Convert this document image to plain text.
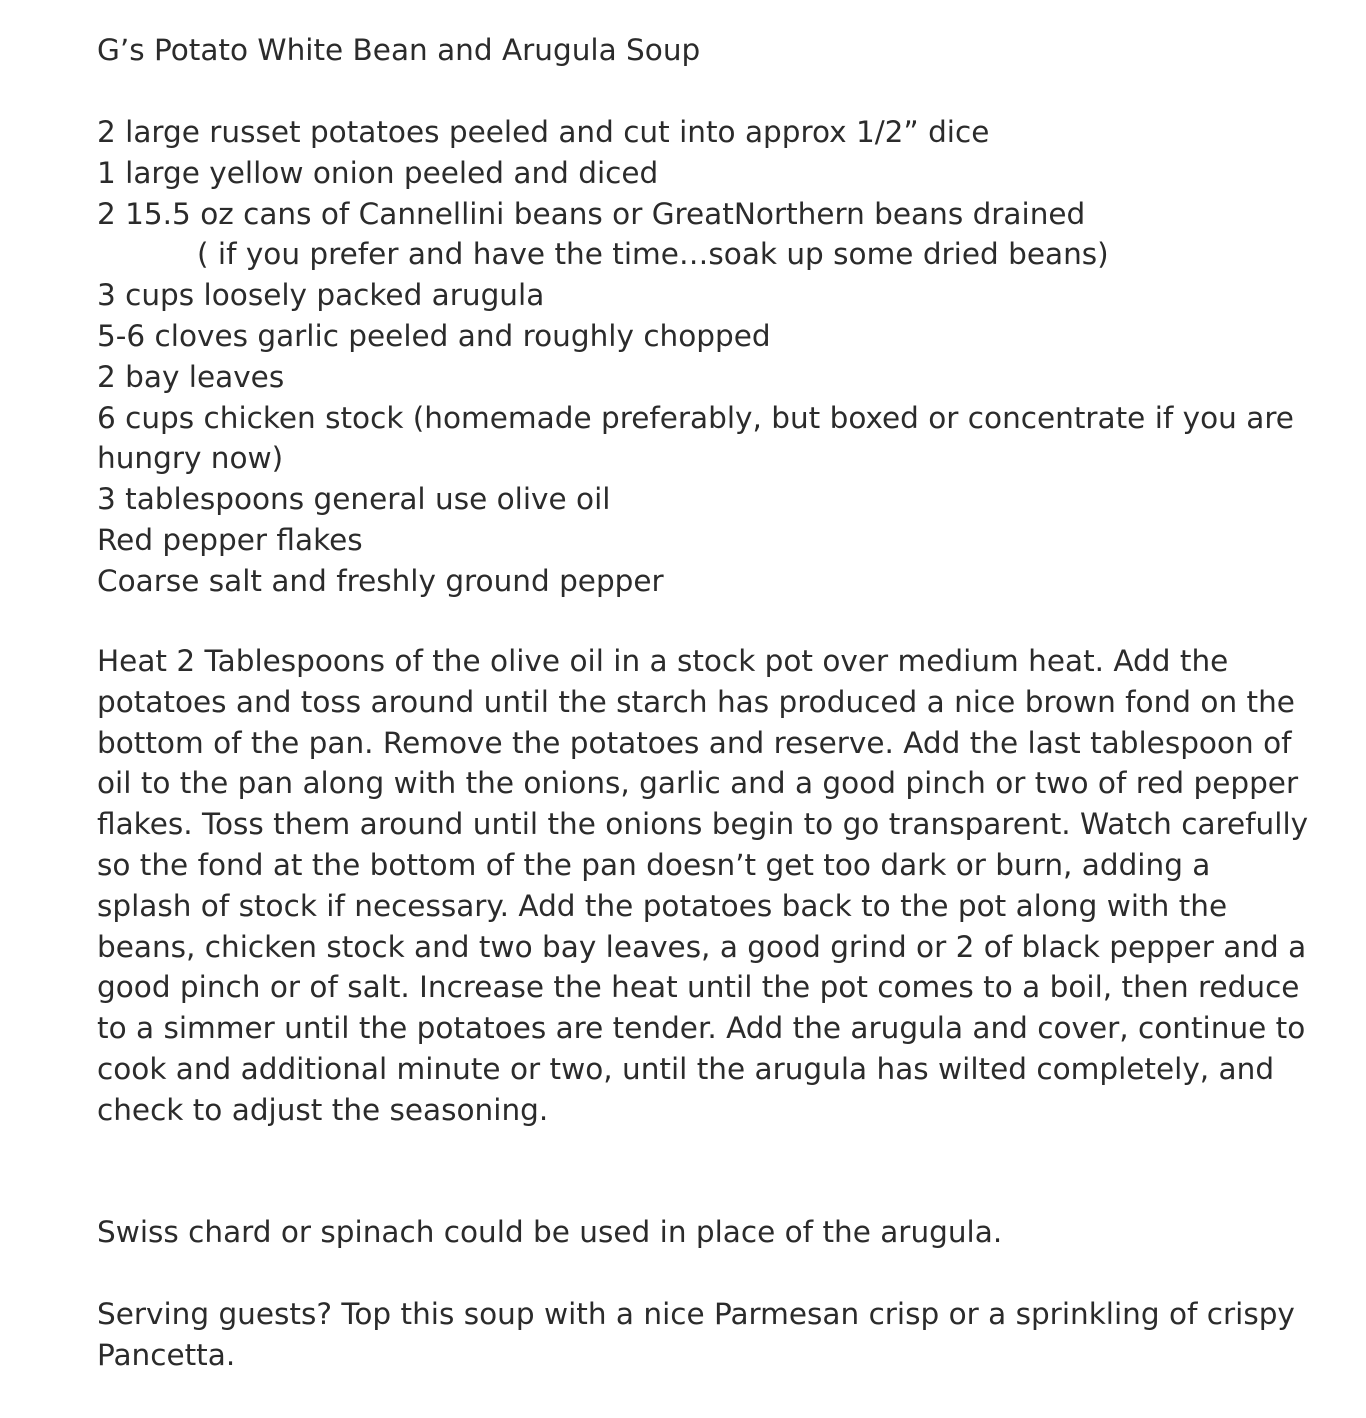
G’s Potato White Bean and Arugula Soup
2 large russet potatoes peeled and cut into approx 1/2” dice
1 large yellow onion peeled and diced
2 15.5 oz cans of Cannellini beans or GreatNorthern beans drained
( if you prefer and have the time…soak up some dried beans)
3 cups loosely packed arugula
5-6 cloves garlic peeled and roughly chopped
2 bay leaves
6 cups chicken stock (homemade preferably, but boxed or concentrate if you are hungry now)
3 tablespoons general use olive oil
Red pepper flakes
Coarse salt and freshly ground pepper

Heat 2 Tablespoons of the olive oil in a stock pot over medium heat. Add the potatoes and toss around until the starch has produced a nice brown fond on the bottom of the pan. Remove the potatoes and reserve. Add the last tablespoon of oil to the pan along with the onions, garlic and a good pinch or two of red pepper flakes. Toss them around until the onions begin to go transparent. Watch carefully so the fond at the bottom of the pan doesn’t get too dark or burn, adding a splash of stock if necessary. Add the potatoes back to the pot along with the beans, chicken stock and two bay leaves, a good grind or 2 of black pepper and a good pinch or of salt. Increase the heat until the pot comes to a boil, then reduce to a simmer until the potatoes are tender. Add the arugula and cover, continue to cook and additional minute or two, until the arugula has wilted completely, and check to adjust the seasoning.

Swiss chard or spinach could be used in place of the arugula.

Serving guests? Top this soup with a nice Parmesan crisp or a sprinkling of crispy Pancetta.
